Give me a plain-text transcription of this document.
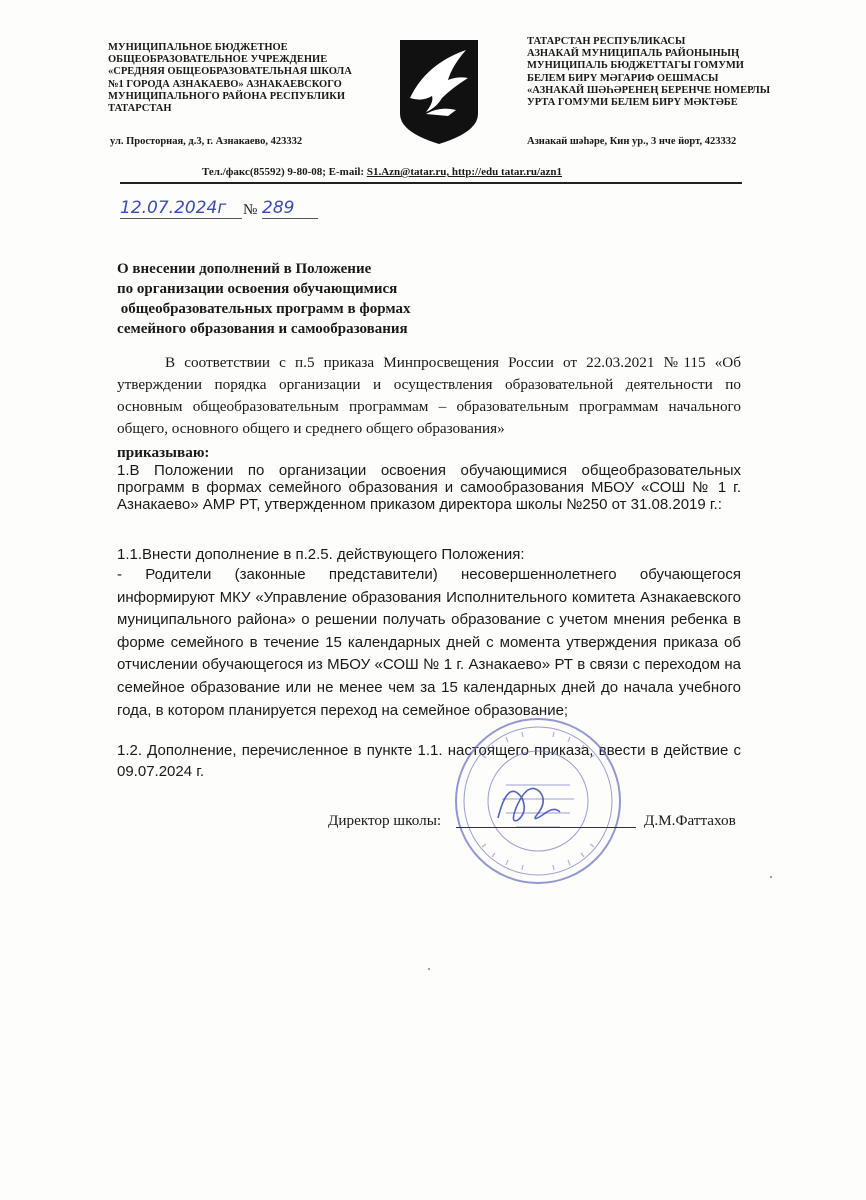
МУНИЦИПАЛЬНОЕ БЮДЖЕТНОЕ
ОБЩЕОБРАЗОВАТЕЛЬНОЕ УЧРЕЖДЕНИЕ
«СРЕДНЯЯ ОБЩЕОБРАЗОВАТЕЛЬНАЯ ШКОЛА
№1 ГОРОДА АЗНАКАЕВО» АЗНАКАЕВСКОГО
МУНИЦИПАЛЬНОГО РАЙОНА РЕСПУБЛИКИ
ТАТАРСТАН
ТАТАРСТАН РЕСПУБЛИКАСЫ
АЗНАКАЙ МУНИЦИПАЛЬ РАЙОНЫНЫҢ
МУНИЦИПАЛЬ БЮДЖЕТТАГЫ ГОМУМИ
БЕЛЕМ БИРҮ МӘГАРИФ ОЕШМАСЫ
«АЗНАКАЙ ШӘҺӘРЕНЕҢ БЕРЕНЧЕ НОМЕРЛЫ
УРТА ГОМУМИ БЕЛЕМ БИРҮ МӘКТӘБЕ
ул. Просторная, д.3, г. Азнакаево, 423332	Азнакай шәһәре, Кин ур., 3 нче йорт, 423332
Тел./факс(85592) 9-80-08; E-mail: S1.Azn@tatar.ru, http://edu tatar.ru/azn1
12.07.2024г	№ 289
О внесении дополнений в Положение
по организации освоения обучающимися
общеобразовательных программ в формах
семейного образования и самообразования
В соответствии с п.5 приказа Минпросвещения России от 22.03.2021 №115 «Об утверждении порядка организации и осуществления образовательной деятельности по основным общеобразовательным программам – образовательным программам начального общего, основного общего и среднего общего образования»
приказываю:
1.В Положении по организации освоения обучающимися общеобразовательных программ в формах семейного образования и самообразования МБОУ «СОШ № 1 г. Азнакаево» АМР РТ, утвержденном приказом директора школы №250 от 31.08.2019 г.:
1.1.Внести дополнение в п.2.5. действующего Положения:
- Родители (законные представители) несовершеннолетнего обучающегося информируют МКУ «Управление образования Исполнительного комитета Азнакаевского муниципального района» о решении получать образование с учетом мнения ребенка в форме семейного в течение 15 календарных дней с момента утверждения приказа об отчислении обучающегося из МБОУ «СОШ № 1 г. Азнакаево» РТ в связи с переходом на семейное образование или не менее чем за 15 календарных дней до начала учебного года, в котором планируется переход на семейное образование;
1.2. Дополнение, перечисленное в пункте 1.1. настоящего приказа, ввести в действие с 09.07.2024 г.
Директор школы:	Д.М.Фаттахов
